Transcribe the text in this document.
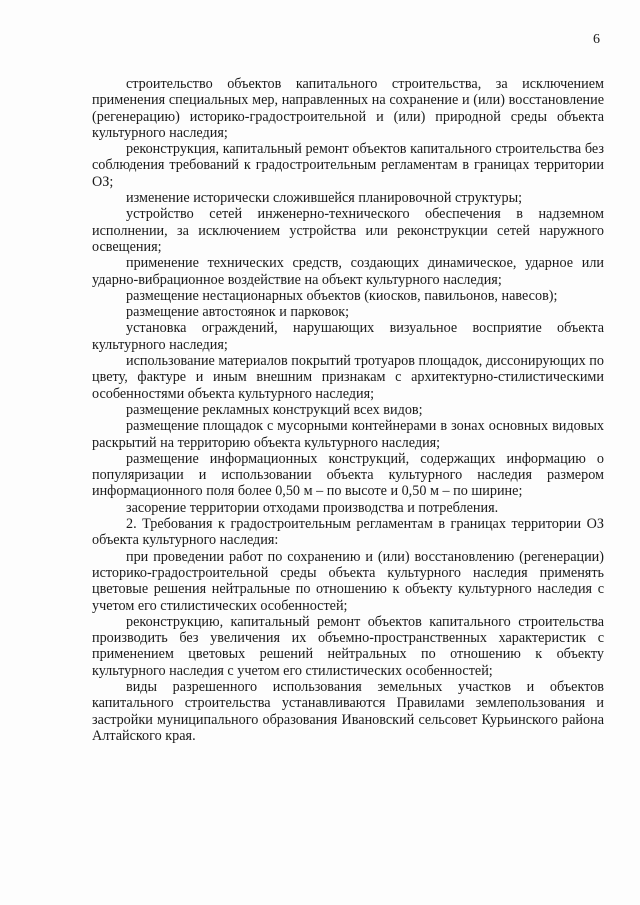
6

строительство объектов капитального строительства, за исключением применения специальных мер, направленных на сохранение и (или) восстановление (регенерацию) историко-градостроительной и (или) природной среды объекта культурного наследия;

реконструкция, капитальный ремонт объектов капитального строительства без соблюдения требований к градостроительным регламентам в границах территории ОЗ;

изменение исторически сложившейся планировочной структуры;

устройство сетей инженерно-технического обеспечения в надземном исполнении, за исключением устройства или реконструкции сетей наружного освещения;

применение технических средств, создающих динамическое, ударное или ударно-вибрационное воздействие на объект культурного наследия;

размещение нестационарных объектов (киосков, павильонов, навесов);

размещение автостоянок и парковок;

установка ограждений, нарушающих визуальное восприятие объекта культурного наследия;

использование материалов покрытий тротуаров площадок, диссонирующих по цвету, фактуре и иным внешним признакам с архитектурно-стилистическими особенностями объекта культурного наследия;

размещение рекламных конструкций всех видов;

размещение площадок с мусорными контейнерами в зонах основных видовых раскрытий на территорию объекта культурного наследия;

размещение информационных конструкций, содержащих информацию о популяризации и использовании объекта культурного наследия размером информационного поля более 0,50 м – по высоте и 0,50 м – по ширине;

засорение территории отходами производства и потребления.

2. Требования к градостроительным регламентам в границах территории ОЗ объекта культурного наследия:

при проведении работ по сохранению и (или) восстановлению (регенерации) историко-градостроительной среды объекта культурного наследия применять цветовые решения нейтральные по отношению к объекту культурного наследия с учетом его стилистических особенностей;

реконструкцию, капитальный ремонт объектов капитального строительства производить без увеличения их объемно-пространственных характеристик с применением цветовых решений нейтральных по отношению к объекту культурного наследия с учетом его стилистических особенностей;

виды разрешенного использования земельных участков и объектов капитального строительства устанавливаются Правилами землепользования и застройки муниципального образования Ивановский сельсовет Курьинского района Алтайского края.
